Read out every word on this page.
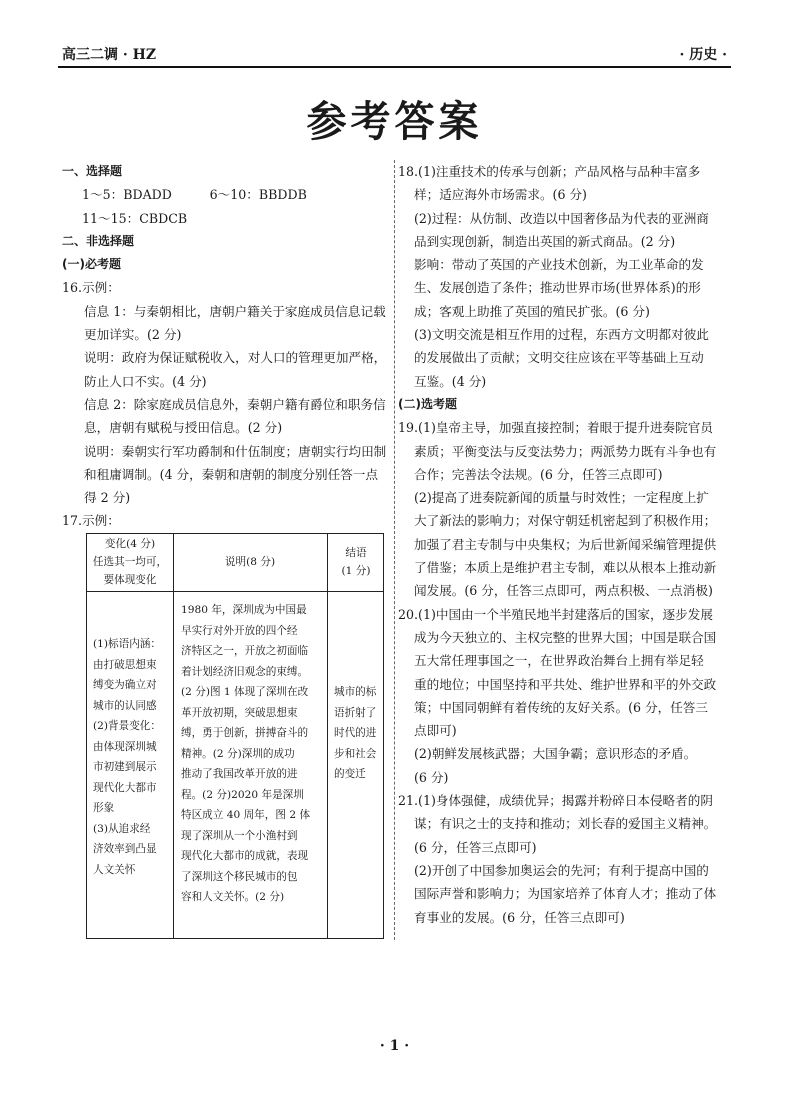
高三二调 · HZ	· 历史 ·
参考答案
一、选择题
1～5：BDADD　　　6～10：BBDDB
11～15：CBDCB
二、非选择题
(一)必考题
16.示例：
信息 1：与秦朝相比，唐朝户籍关于家庭成员信息记载
更加详实。(2 分)
说明：政府为保证赋税收入，对人口的管理更加严格，
防止人口不实。(4 分)
信息 2：除家庭成员信息外，秦朝户籍有爵位和职务信
息，唐朝有赋税与授田信息。(2 分)
说明：秦朝实行军功爵制和什伍制度；唐朝实行均田制
和租庸调制。(4 分，秦朝和唐朝的制度分别任答一点
得 2 分)
17.示例：
18.(1)注重技术的传承与创新；产品风格与品种丰富多
样；适应海外市场需求。(6 分)
(2)过程：从仿制、改造以中国奢侈品为代表的亚洲商
品到实现创新，制造出英国的新式商品。(2 分)
影响：带动了英国的产业技术创新，为工业革命的发
生、发展创造了条件；推动世界市场(世界体系)的形
成；客观上助推了英国的殖民扩张。(6 分)
(3)文明交流是相互作用的过程，东西方文明都对彼此
的发展做出了贡献；文明交往应该在平等基础上互动
互鉴。(4 分)
(二)选考题
19.(1)皇帝主导，加强直接控制；着眼于提升进奏院官员
素质；平衡变法与反变法势力；两派势力既有斗争也有
合作；完善法令法规。(6 分，任答三点即可)
(2)提高了进奏院新闻的质量与时效性；一定程度上扩
大了新法的影响力；对保守朝廷机密起到了积极作用；
加强了君主专制与中央集权；为后世新闻采编管理提供
了借鉴；本质上是维护君主专制，难以从根本上推动新
闻发展。(6 分，任答三点即可，两点积极、一点消极)
20.(1)中国由一个半殖民地半封建落后的国家，逐步发展
成为今天独立的、主权完整的世界大国；中国是联合国
五大常任理事国之一，在世界政治舞台上拥有举足轻
重的地位；中国坚持和平共处、维护世界和平的外交政
策；中国同朝鲜有着传统的友好关系。(6 分，任答三
点即可)
(2)朝鲜发展核武器；大国争霸；意识形态的矛盾。
(6 分)
21.(1)身体强健，成绩优异；揭露并粉碎日本侵略者的阴
谋；有识之士的支持和推动；刘长春的爱国主义精神。
(6 分，任答三点即可)
(2)开创了中国参加奥运会的先河；有利于提高中国的
国际声誉和影响力；为国家培养了体育人才；推动了体
育事业的发展。(6 分，任答三点即可)
变化(4 分)
任选其一均可，
要体现变化
说明(8 分)
结语
(1 分)
(1)标语内涵：
由打破思想束
缚变为确立对
城市的认同感
(2)背景变化：
由体现深圳城
市初建到展示
现代化大都市
形象
(3)从追求经
济效率到凸显
人文关怀
1980 年，深圳成为中国最
早实行对外开放的四个经
济特区之一，开放之初面临
着计划经济旧观念的束缚。
(2 分)图 1 体现了深圳在改
革开放初期，突破思想束
缚，勇于创新，拼搏奋斗的
精神。(2 分)深圳的成功
推动了我国改革开放的进
程。(2 分)2020 年是深圳
特区成立 40 周年，图 2 体
现了深圳从一个小渔村到
现代化大都市的成就，表现
了深圳这个移民城市的包
容和人文关怀。(2 分)
城市的标
语折射了
时代的进
步和社会
的变迁
· 1 ·
